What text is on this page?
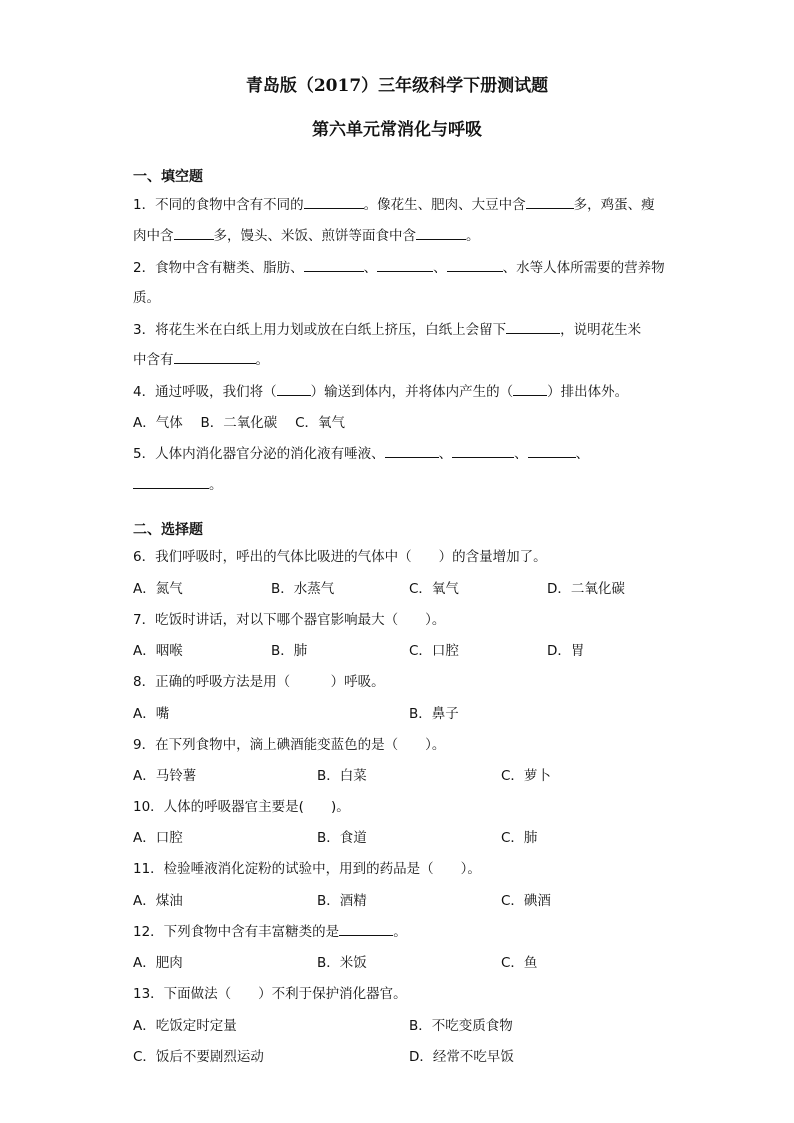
青岛版（2017）三年级科学下册测试题
第六单元常消化与呼吸
一、填空题
1．不同的食物中含有不同的	。像花生、肥肉、大豆中含	多，鸡蛋、瘦
肉中含	多，馒头、米饭、煎饼等面食中含	。
2．食物中含有糖类、脂肪、	、	、	、水等人体所需要的营养物
质。
3．将花生米在白纸上用力划或放在白纸上挤压，白纸上会留下	，说明花生米
中含有	。
4．通过呼吸，我们将（	）输送到体内，并将体内产生的（	）排出体外。
A．气体　 B．二氧化碳　 C．氧气
5．人体内消化器官分泌的消化液有唾液、	、	、	、
。
二、选择题
6．我们呼吸时，呼出的气体比吸进的气体中（　　）的含量增加了。
A．氮气	B．水蒸气	C．氧气	D．二氧化碳
7．吃饭时讲话，对以下哪个器官影响最大（　　）。
A．咽喉	B．肺	C．口腔	D．胃
8．正确的呼吸方法是用（　　　）呼吸。
A．嘴	B．鼻子
9．在下列食物中，滴上碘酒能变蓝色的是（　　）。
A．马铃薯	B．白菜	C．萝卜
10．人体的呼吸器官主要是(　　)。
A．口腔	B．食道	C．肺
11．检验唾液消化淀粉的试验中，用到的药品是（　　）。
A．煤油	B．酒精	C．碘酒
12．下列食物中含有丰富糖类的是	。
A．肥肉	B．米饭	C．鱼
13．下面做法（　　）不利于保护消化器官。
A．吃饭定时定量	B．不吃变质食物
C．饭后不要剧烈运动	D．经常不吃早饭
